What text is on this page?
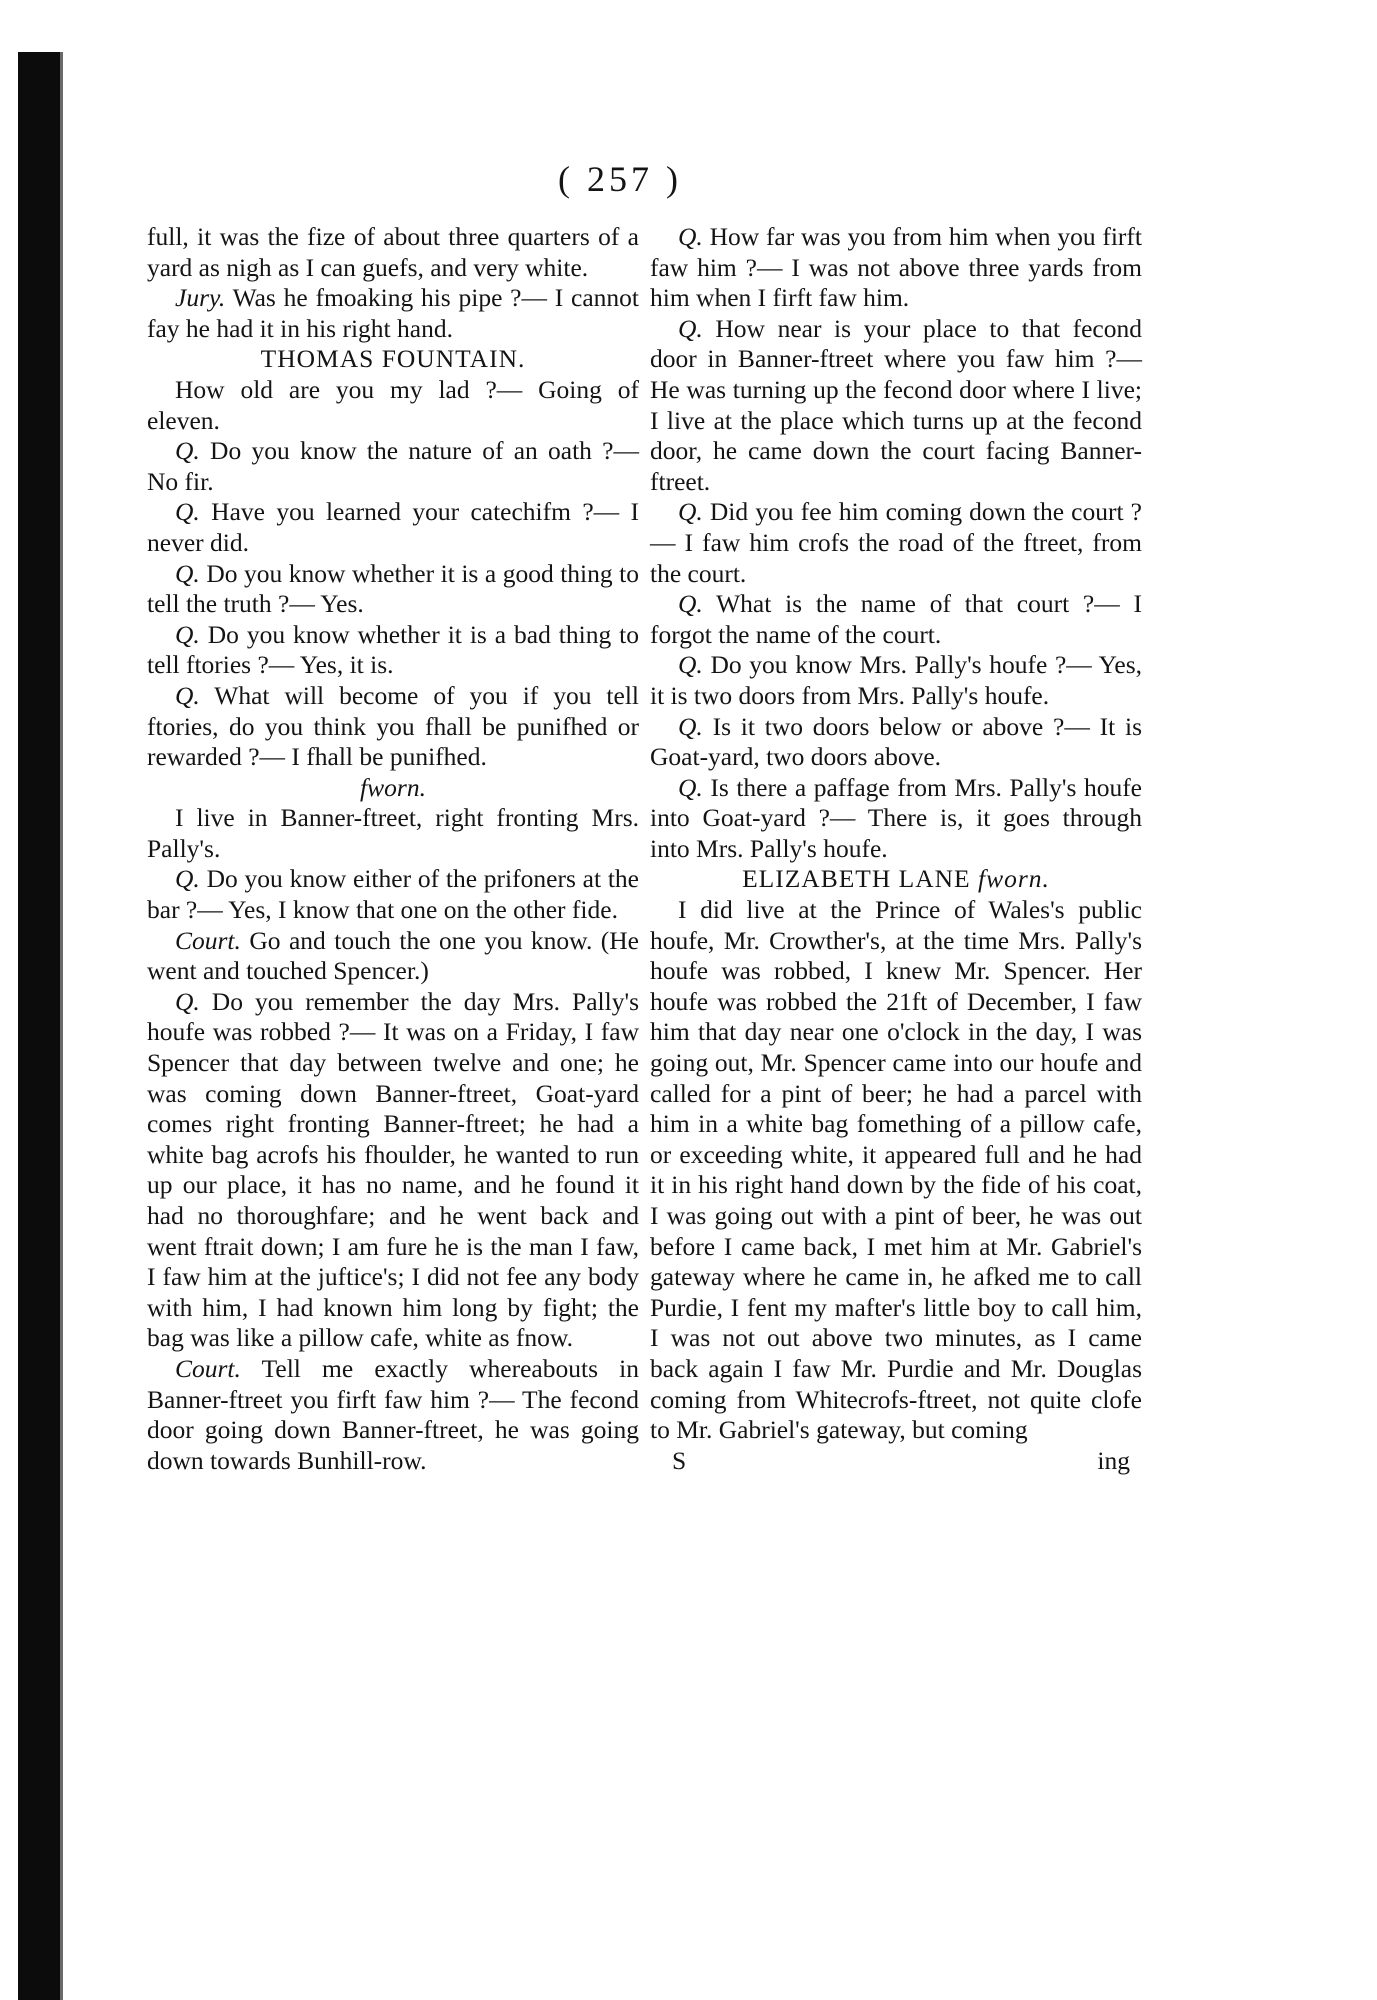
( 257 )

full, it was the fize of about three quarters of a yard as nigh as I can guefs, and very white.

Jury. Was he fmoaking his pipe ?— I cannot fay he had it in his right hand.

THOMAS FOUNTAIN.

How old are you my lad ?— Going of eleven.

Q. Do you know the nature of an oath ?— No fir.

Q. Have you learned your catechifm ?— I never did.

Q. Do you know whether it is a good thing to tell the truth ?— Yes.

Q. Do you know whether it is a bad thing to tell ftories ?— Yes, it is.

Q. What will become of you if you tell ftories, do you think you fhall be punifhed or rewarded ?— I fhall be punifhed.

fworn.

I live in Banner-ftreet, right fronting Mrs. Pally's.

Q. Do you know either of the prifoners at the bar ?— Yes, I know that one on the other fide.

Court. Go and touch the one you know. (He went and touched Spencer.)

Q. Do you remember the day Mrs. Pally's houfe was robbed ?— It was on a Friday, I faw Spencer that day between twelve and one; he was coming down Banner-ftreet, Goat-yard comes right fronting Banner-ftreet; he had a white bag acrofs his fhoulder, he wanted to run up our place, it has no name, and he found it had no thoroughfare; and he went back and went ftrait down; I am fure he is the man I faw, I faw him at the juftice's; I did not fee any body with him, I had known him long by fight; the bag was like a pillow cafe, white as fnow.

Court. Tell me exactly whereabouts in Banner-ftreet you firft faw him ?— The fecond door going down Banner-ftreet, he was going down towards Bunhill-row.

Q. How far was you from him when you firft faw him ?— I was not above three yards from him when I firft faw him.

Q. How near is your place to that fecond door in Banner-ftreet where you faw him ?— He was turning up the fecond door where I live; I live at the place which turns up at the fecond door, he came down the court facing Banner-ftreet.

Q. Did you fee him coming down the court ?— I faw him crofs the road of the ftreet, from the court.

Q. What is the name of that court ?— I forgot the name of the court.

Q. Do you know Mrs. Pally's houfe ?— Yes, it is two doors from Mrs. Pally's houfe.

Q. Is it two doors below or above ?— It is Goat-yard, two doors above.

Q. Is there a paffage from Mrs. Pally's houfe into Goat-yard ?— There is, it goes through into Mrs. Pally's houfe.

ELIZABETH LANE fworn.

I did live at the Prince of Wales's public houfe, Mr. Crowther's, at the time Mrs. Pally's houfe was robbed, I knew Mr. Spencer. Her houfe was robbed the 21ft of December, I faw him that day near one o'clock in the day, I was going out, Mr. Spencer came into our houfe and called for a pint of beer; he had a parcel with him in a white bag fomething of a pillow cafe, or exceeding white, it appeared full and he had it in his right hand down by the fide of his coat, I was going out with a pint of beer, he was out before I came back, I met him at Mr. Gabriel's gateway where he came in, he afked me to call Purdie, I fent my mafter's little boy to call him, I was not out above two minutes, as I came back again I faw Mr. Purdie and Mr. Douglas coming from Whitecrofs-ftreet, not quite clofe to Mr. Gabriel's gateway, but coming

S	ing
